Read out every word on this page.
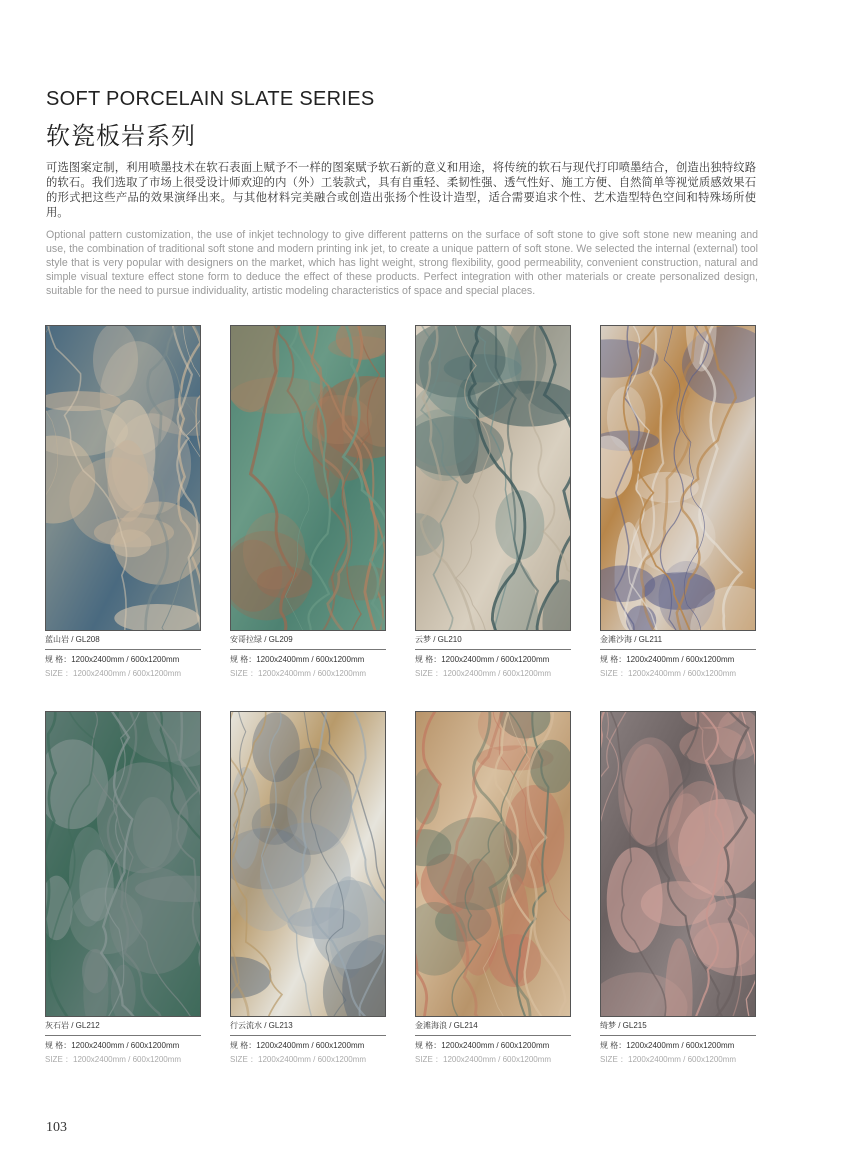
SOFT PORCELAIN SLATE SERIES
软瓷板岩系列

可选图案定制，利用喷墨技术在软石表面上赋予不一样的图案赋予软石新的意义和用途，将传统的软石与现代打印喷墨结合，创造出独特纹路的软石。我们选取了市场上很受设计师欢迎的内（外）工装款式，具有自重轻、柔韧性强、透气性好、施工方便、自然简单等视觉质感效果石的形式把这些产品的效果演绎出来。与其他材料完美融合或创造出张扬个性设计造型，适合需要追求个性、艺术造型特色空间和特殊场所使用。

Optional pattern customization, the use of inkjet technology to give different patterns on the surface of soft stone to give soft stone new meaning and use, the combination of traditional soft stone and modern printing ink jet, to create a unique pattern of soft stone. We selected the internal (external) tool style that is very popular with designers on the market, which has light weight, strong flexibility, good permeability, convenient construction, natural and simple visual texture effect stone form to deduce the effect of these products. Perfect integration with other materials or create personalized design, suitable for the need to pursue individuality, artistic modeling characteristics of space and special places.

蓝山岩 / GL208
规 格：1200x2400mm / 600x1200mm
SIZE ：1200x2400mm / 600x1200mm
安哥拉绿 / GL209
规 格：1200x2400mm / 600x1200mm
SIZE ：1200x2400mm / 600x1200mm
云梦 / GL210
规 格：1200x2400mm / 600x1200mm
SIZE ：1200x2400mm / 600x1200mm
金滩沙海 / GL211
规 格：1200x2400mm / 600x1200mm
SIZE ：1200x2400mm / 600x1200mm
灰石岩 / GL212
规 格：1200x2400mm / 600x1200mm
SIZE ：1200x2400mm / 600x1200mm
行云流水 / GL213
规 格：1200x2400mm / 600x1200mm
SIZE ：1200x2400mm / 600x1200mm
金滩海浪 / GL214
规 格：1200x2400mm / 600x1200mm
SIZE ：1200x2400mm / 600x1200mm
绮梦 / GL215
规 格：1200x2400mm / 600x1200mm
SIZE ：1200x2400mm / 600x1200mm
103
